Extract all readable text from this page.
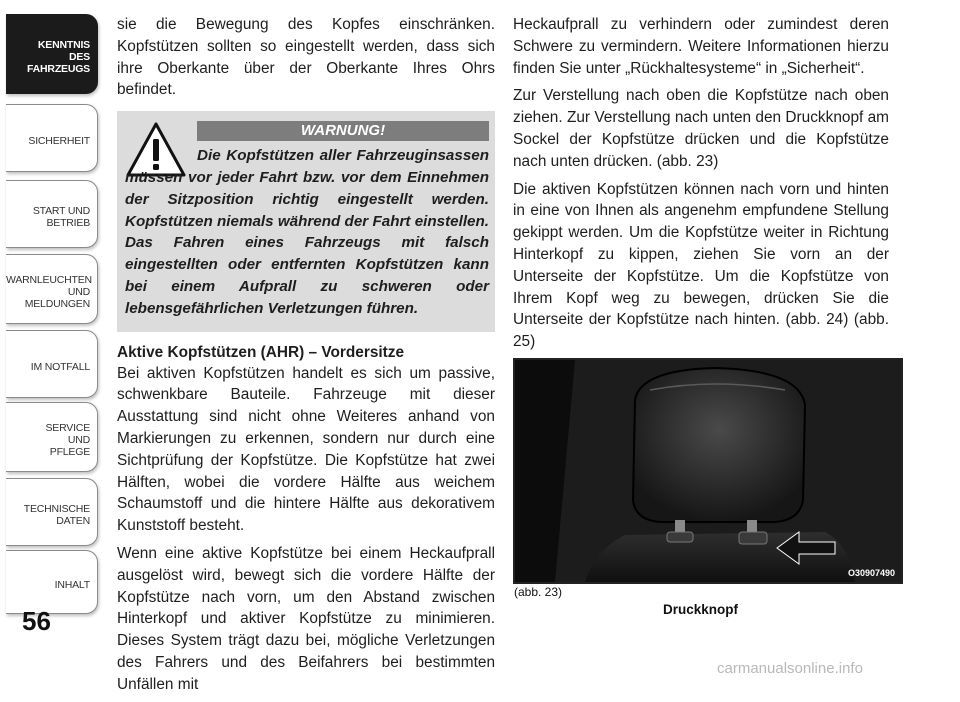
KENNTNIS
DES
FAHRZEUGS
SICHERHEIT
START UND
BETRIEB
WARNLEUCHTEN
UND
MELDUNGEN
IM NOTFALL
SERVICE
UND
PFLEGE
TECHNISCHE
DATEN
INHALT
56

sie die Bewegung des Kopfes einschränken. Kopfstützen sollten so eingestellt werden, dass sich ihre Oberkante über der Oberkante Ihres Ohrs befindet.

WARNUNG!
Die Kopfstützen aller Fahrzeuginsassen müssen vor jeder Fahrt bzw. vor dem Einnehmen der Sitzposition richtig eingestellt werden. Kopfstützen niemals während der Fahrt einstellen. Das Fahren eines Fahrzeugs mit falsch eingestellten oder entfernten Kopfstützen kann bei einem Aufprall zu schweren oder lebensgefährlichen Verletzungen führen.
Aktive Kopfstützen (AHR) – Vordersitze

Bei aktiven Kopfstützen handelt es sich um passive, schwenkbare Bauteile. Fahrzeuge mit dieser Ausstattung sind nicht ohne Weiteres anhand von Markierungen zu erkennen, sondern nur durch eine Sichtprüfung der Kopfstütze. Die Kopfstütze hat zwei Hälften, wobei die vordere Hälfte aus weichem Schaumstoff und die hintere Hälfte aus dekorativem Kunststoff besteht.

Wenn eine aktive Kopfstütze bei einem Heckaufprall ausgelöst wird, bewegt sich die vordere Hälfte der Kopfstütze nach vorn, um den Abstand zwischen Hinterkopf und aktiver Kopfstütze zu minimieren. Dieses System trägt dazu bei, mögliche Verletzungen des Fahrers und des Beifahrers bei bestimmten Unfällen mit

Heckaufprall zu verhindern oder zumindest deren Schwere zu vermindern. Weitere Informationen hierzu finden Sie unter „Rückhaltesysteme“ in „Sicherheit“.

Zur Verstellung nach oben die Kopfstütze nach oben ziehen. Zur Verstellung nach unten den Druckknopf am Sockel der Kopfstütze drücken und die Kopfstütze nach unten drücken. (abb. 23)

Die aktiven Kopfstützen können nach vorn und hinten in eine von Ihnen als angenehm empfundene Stellung gekippt werden. Um die Kopfstütze weiter in Richtung Hinterkopf zu kippen, ziehen Sie vorn an der Unterseite der Kopfstütze. Um die Kopfstütze von Ihrem Kopf weg zu bewegen, drücken Sie die Unterseite der Kopfstütze nach hinten. (abb. 24) (abb. 25)

O30907490
(abb. 23)
Druckknopf
carmanualsonline.info
